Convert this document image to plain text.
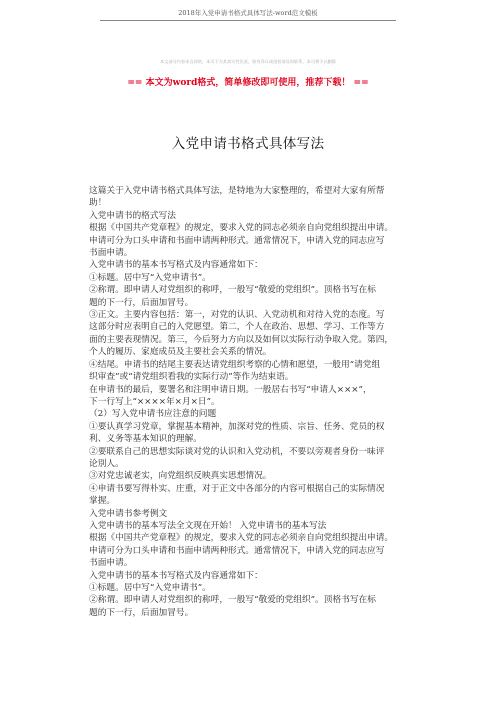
2018年入党申请书格式具体写法-word范文模板
本文部分内容来自网络，本司不为其真实性负责，如有异议或侵权请及时联系，本司将予以删除
== 本文为word格式，简单修改即可使用，推荐下载！ ==
入党申请书格式具体写法

这篇关于入党申请书格式具体写法，是特地为大家整理的，希望对大家有所帮

助！

入党申请书的格式写法

根据《中国共产党章程》的规定，要求入党的同志必须亲自向党组织提出申请。

申请可分为口头申请和书面申请两种形式。通常情况下，申请入党的同志应写

书面申请。

入党申请书的基本书写格式及内容通常如下：

①标题。居中写“入党申请书”。

②称谓。即申请人对党组织的称呼，一般写“敬爱的党组织”。顶格书写在标

题的下一行，后面加冒号。

③正文。主要内容包括：第一，对党的认识、入党动机和对待入党的态度。写

这部分时应表明自己的入党愿望。第二，个人在政治、思想、学习、工作等方

面的主要表现情况。第三，今后努力方向以及如何以实际行动争取入党。第四，

个人的履历、家庭成员及主要社会关系的情况。

④结尾。申请书的结尾主要表达请党组织考察的心情和愿望，一般用“请党组

织审查”或“请党组织看我的实际行动”等作为结束语。

在申请书的最后，要署名和注明申请日期。一般居右书写“申请人×××”，

下一行写上“××××年×月×日”。

（2）写入党申请书应注意的问题

①要认真学习党章，掌握基本精神，加深对党的性质、宗旨、任务、党员的权

利、义务等基本知识的理解。

②要联系自己的思想实际谈对党的认识和入党动机，不要以旁观者身份一味评

论別人。

③对党忠诚老实，向党组织反映真实思想情况。

④申请书要写得朴实、庄重，对于正文中各部分的内容可根据自己的实际情况

掌握。

入党申请书参考例文

入党申请书的基本写法全文现在开始！ 入党申请书的基本写法

根据《中国共产党章程》的规定，要求入党的同志必须亲自向党组织提出申请。

申请可分为口头申请和书面申请两种形式。通常情况下，申请入党的同志应写

书面申请。

入党申请书的基本书写格式及内容通常如下：

①标题。居中写“入党申请书”。

②称谓。即申请人对党组织的称呼，一般写“敬爱的党组织”。顶格书写在标

题的下一行，后面加冒号。
